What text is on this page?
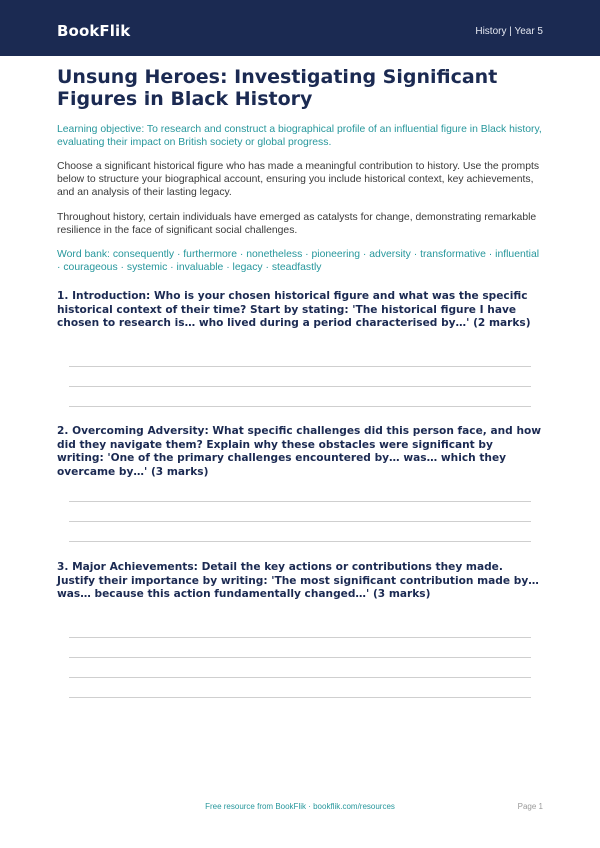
BookFlik	History | Year 5
Unsung Heroes: Investigating Significant Figures in Black History
Learning objective: To research and construct a biographical profile of an influential figure in Black history, evaluating their impact on British society or global progress.
Choose a significant historical figure who has made a meaningful contribution to history. Use the prompts below to structure your biographical account, ensuring you include historical context, key achievements, and an analysis of their lasting legacy.
Throughout history, certain individuals have emerged as catalysts for change, demonstrating remarkable resilience in the face of significant social challenges.
Word bank: consequently · furthermore · nonetheless · pioneering · adversity · transformative · influential · courageous · systemic · invaluable · legacy · steadfastly
1. Introduction: Who is your chosen historical figure and what was the specific historical context of their time? Start by stating: 'The historical figure I have chosen to research is… who lived during a period characterised by…' (2 marks)
2. Overcoming Adversity: What specific challenges did this person face, and how did they navigate them? Explain why these obstacles were significant by writing: 'One of the primary challenges encountered by… was… which they overcame by…' (3 marks)
3. Major Achievements: Detail the key actions or contributions they made. Justify their importance by writing: 'The most significant contribution made by… was… because this action fundamentally changed…' (3 marks)
Free resource from BookFlik · bookflik.com/resources	Page 1
